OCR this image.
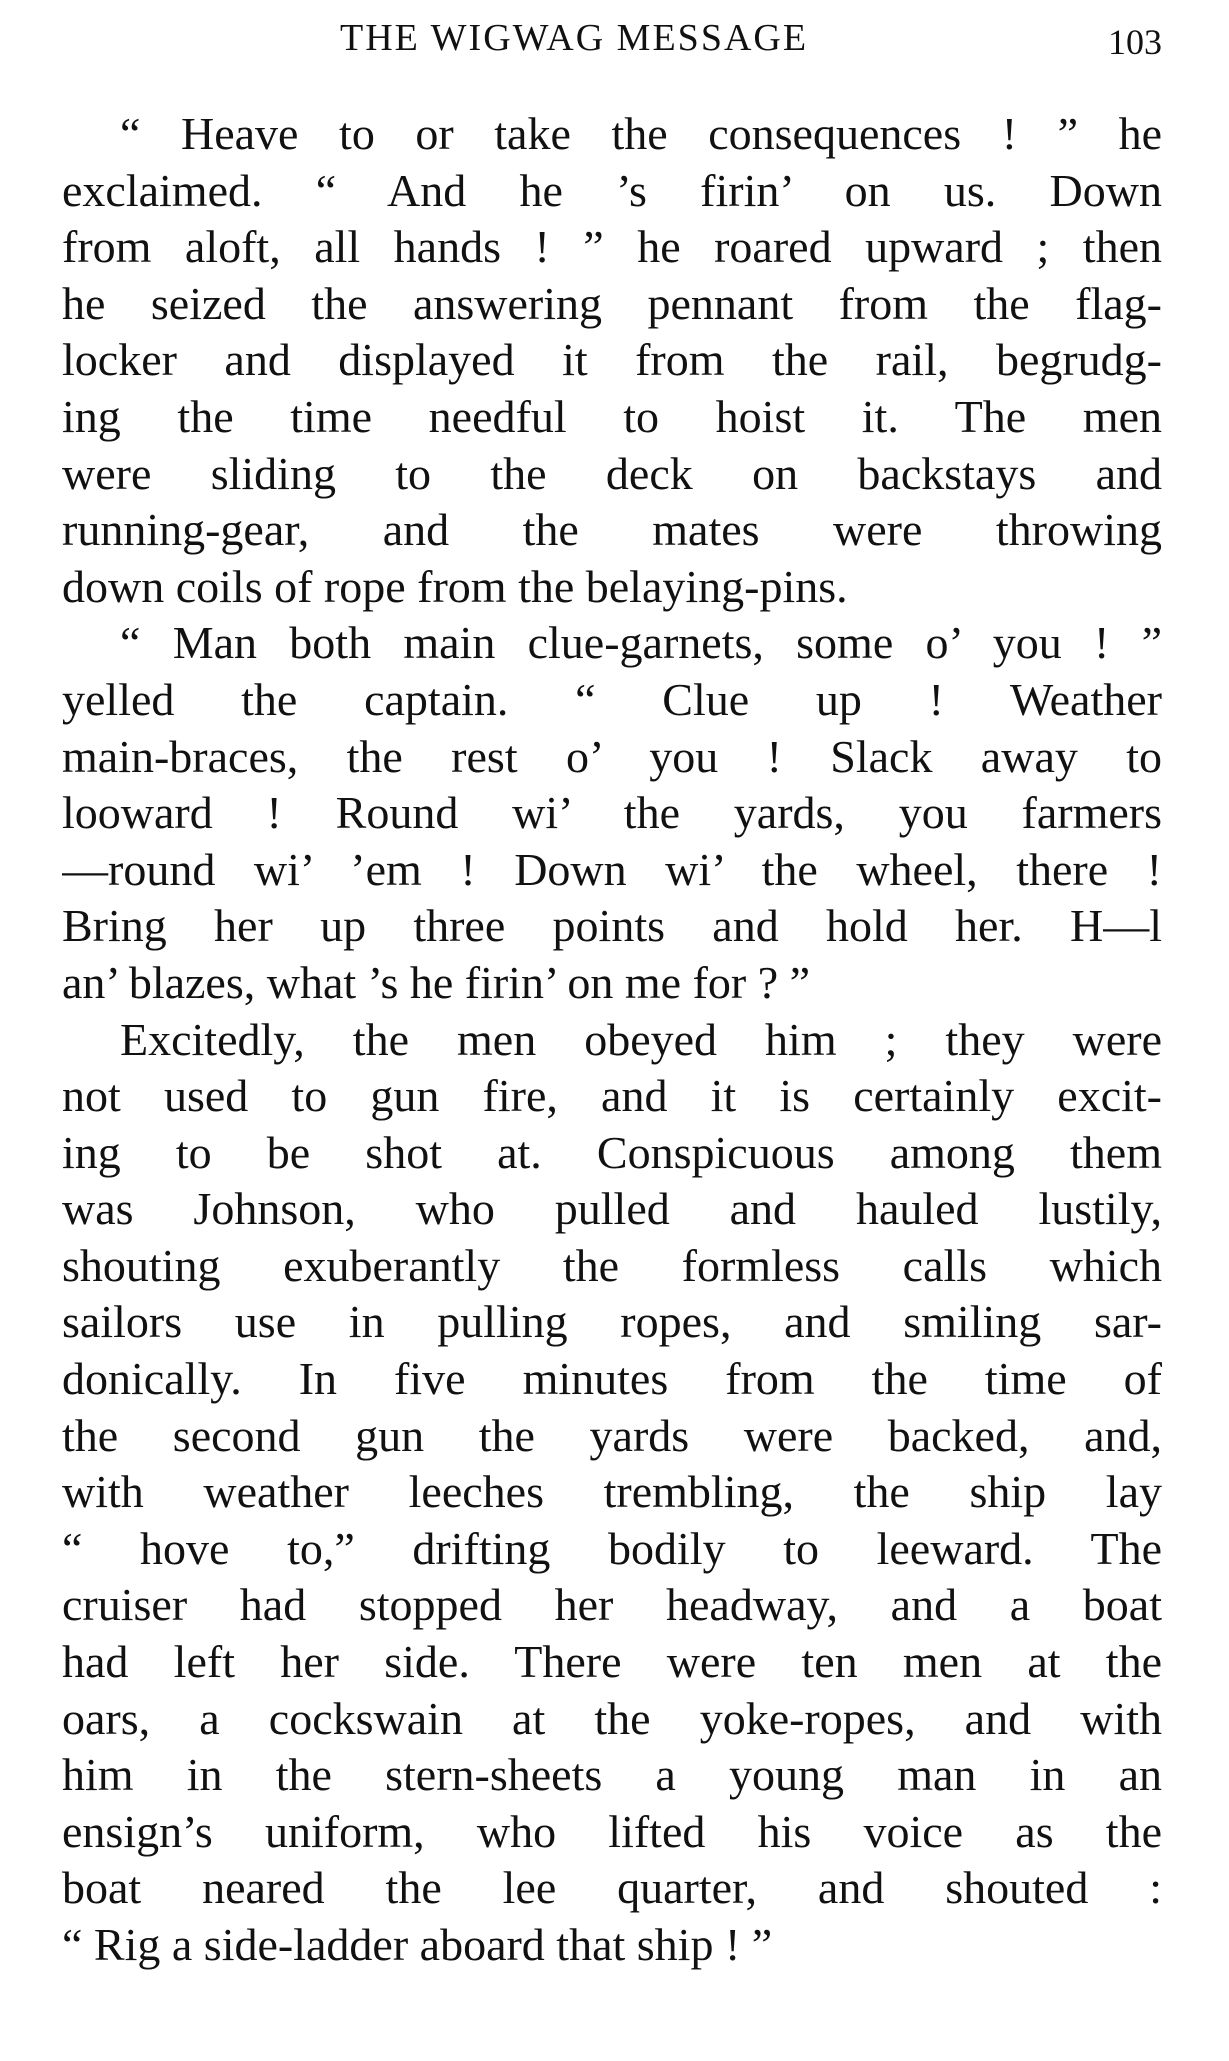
THE WIGWAG MESSAGE	103
“ Heave to or take the consequences ! ” he
exclaimed. “ And he ’s firin’ on us. Down
from aloft, all hands ! ” he roared upward ; then
he seized the answering pennant from the flag-
locker and displayed it from the rail, begrudg-
ing the time needful to hoist it. The men
were sliding to the deck on backstays and
running-gear, and the mates were throwing
down coils of rope from the belaying-pins.
“ Man both main clue-garnets, some o’ you ! ”
yelled the captain. “ Clue up ! Weather
main-braces, the rest o’ you ! Slack away to
looward ! Round wi’ the yards, you farmers
—round wi’ ’em ! Down wi’ the wheel, there !
Bring her up three points and hold her. H—l
an’ blazes, what ’s he firin’ on me for ? ”
Excitedly, the men obeyed him ; they were
not used to gun fire, and it is certainly excit-
ing to be shot at. Conspicuous among them
was Johnson, who pulled and hauled lustily,
shouting exuberantly the formless calls which
sailors use in pulling ropes, and smiling sar-
donically. In five minutes from the time of
the second gun the yards were backed, and,
with weather leeches trembling, the ship lay
“ hove to,” drifting bodily to leeward. The
cruiser had stopped her headway, and a boat
had left her side. There were ten men at the
oars, a cockswain at the yoke-ropes, and with
him in the stern-sheets a young man in an
ensign’s uniform, who lifted his voice as the
boat neared the lee quarter, and shouted :
“ Rig a side-ladder aboard that ship ! ”
